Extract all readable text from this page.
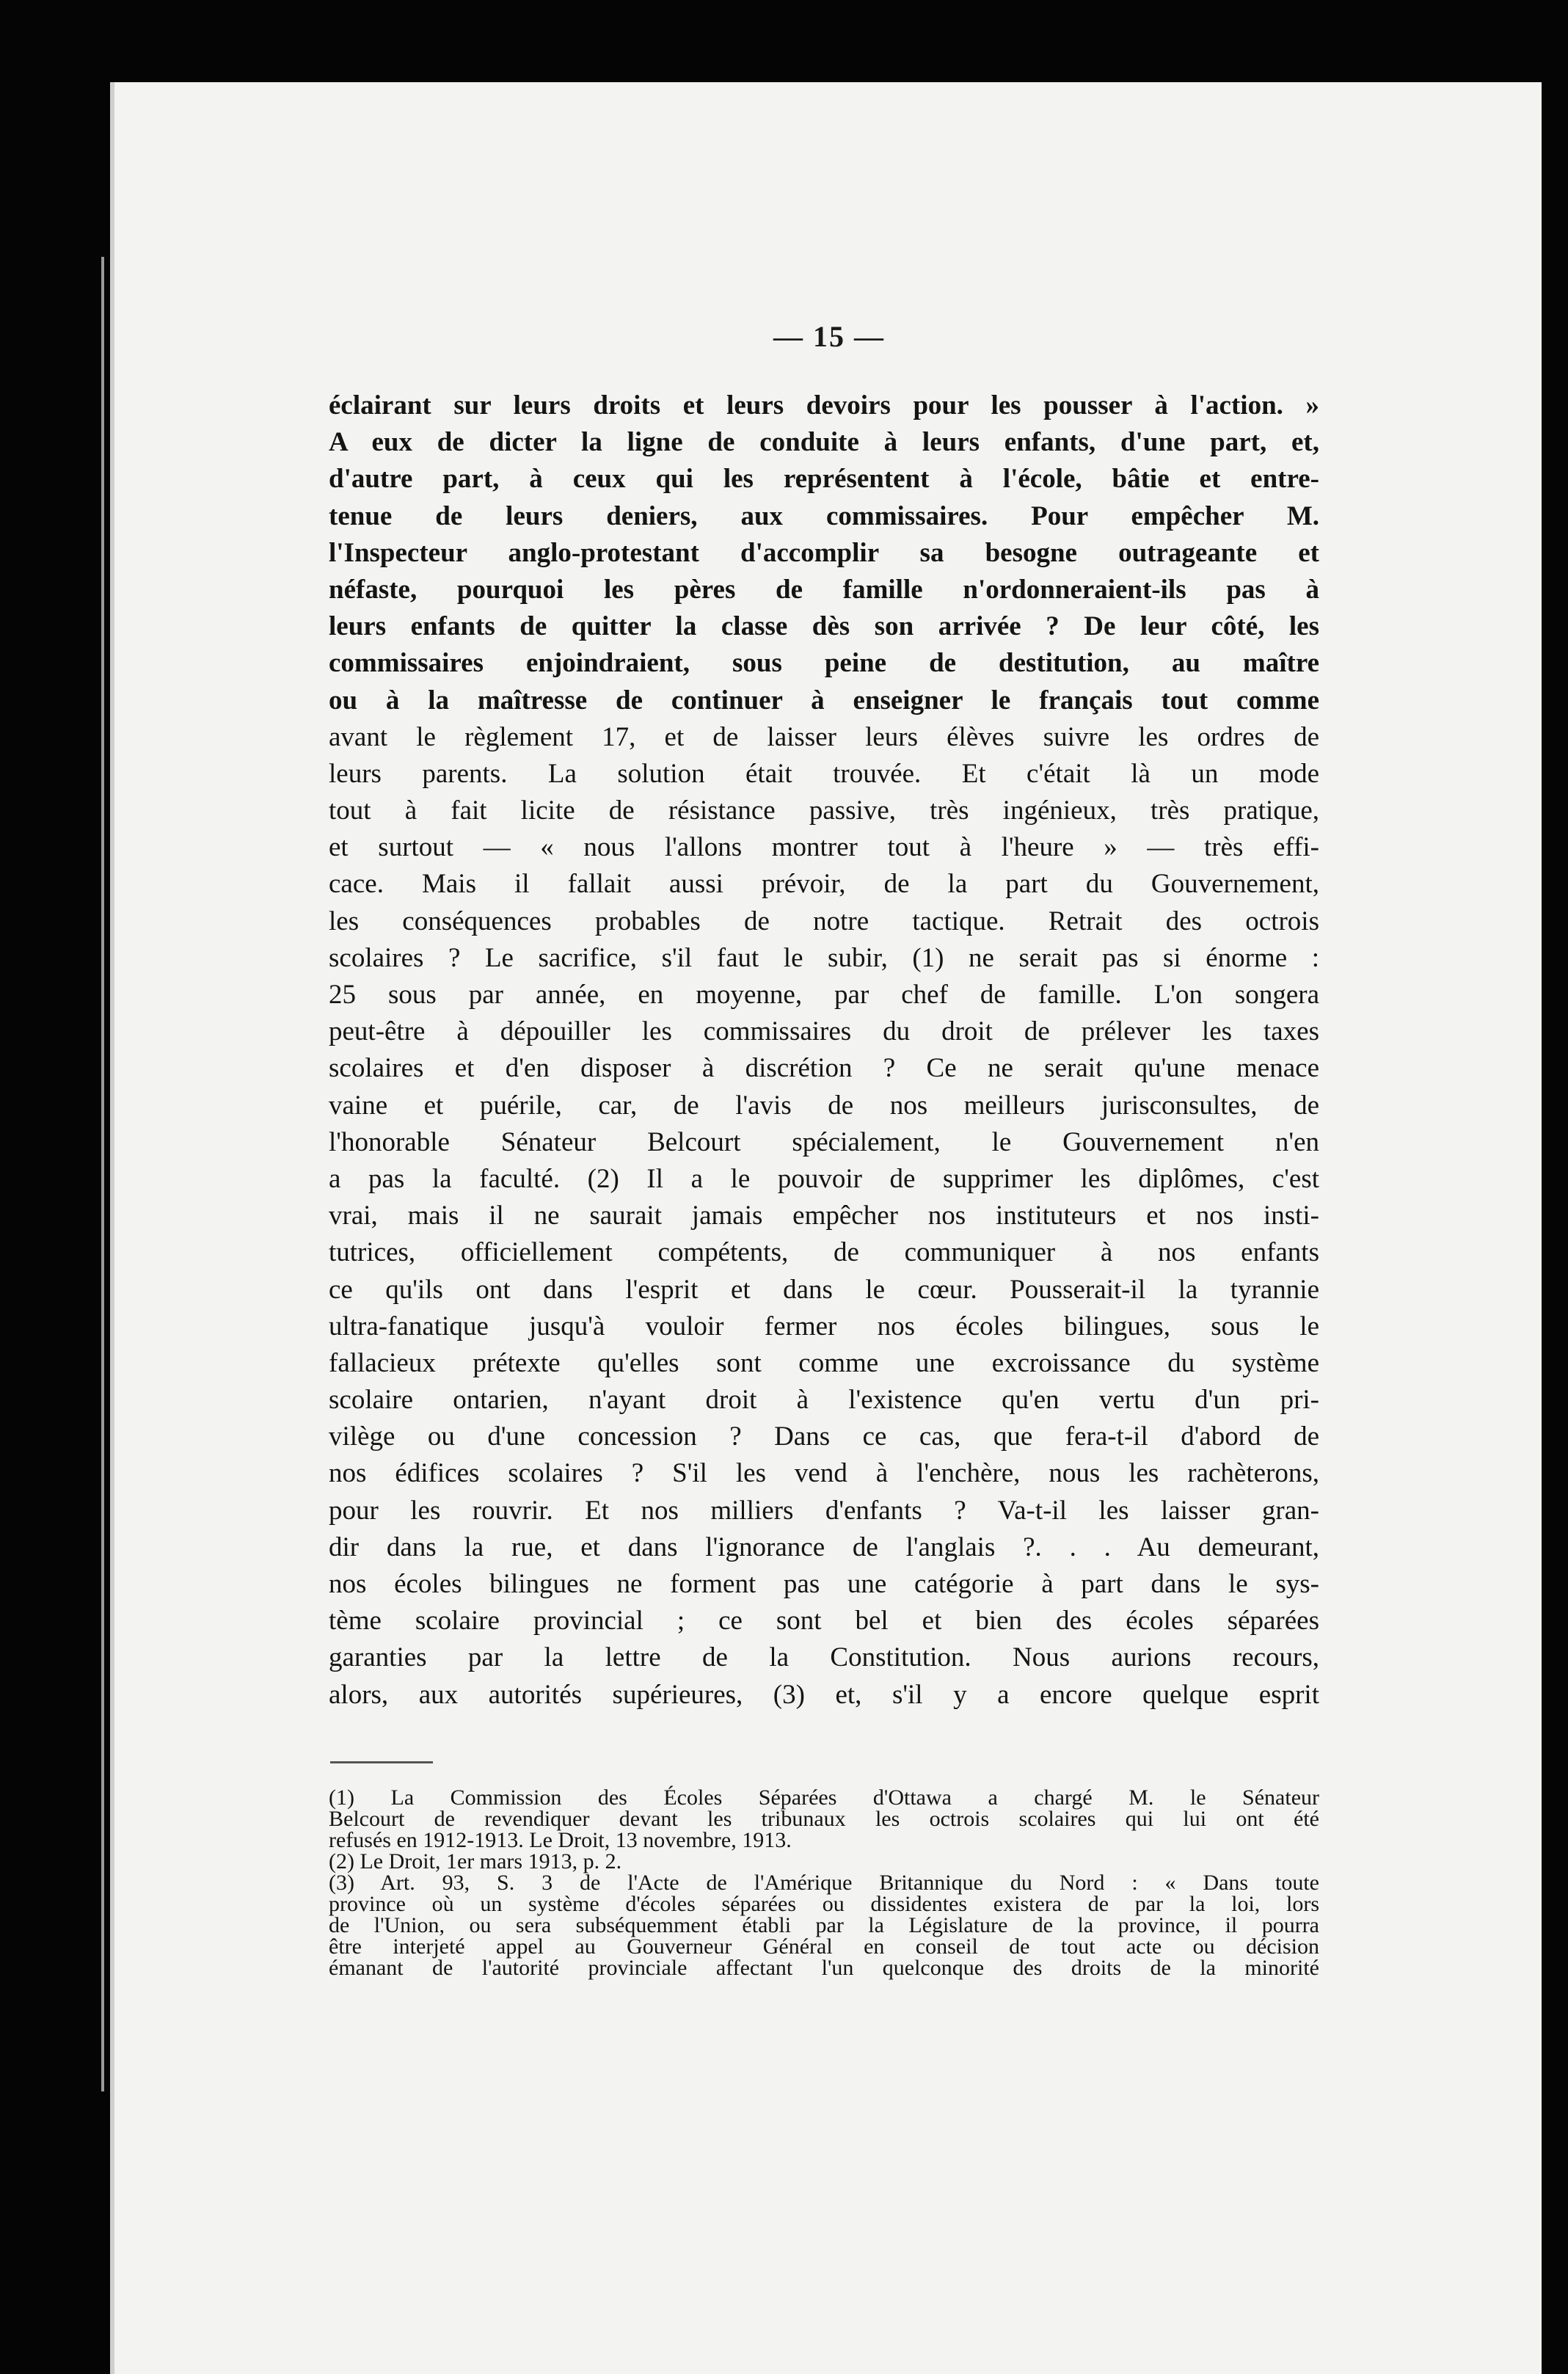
— 15 —
éclairant sur leurs droits et leurs devoirs pour les pousser à l'action. »
A eux de dicter la ligne de conduite à leurs enfants, d'une part, et,
d'autre part, à ceux qui les représentent à l'école, bâtie et entre-
tenue de leurs deniers, aux commissaires. Pour empêcher M.
l'Inspecteur anglo-protestant d'accomplir sa besogne outrageante et
néfaste, pourquoi les pères de famille n'ordonneraient-ils pas à
leurs enfants de quitter la classe dès son arrivée ? De leur côté, les
commissaires enjoindraient, sous peine de destitution, au maître
ou à la maîtresse de continuer à enseigner le français tout comme
avant le règlement 17, et de laisser leurs élèves suivre les ordres de
leurs parents. La solution était trouvée. Et c'était là un mode
tout à fait licite de résistance passive, très ingénieux, très pratique,
et surtout — « nous l'allons montrer tout à l'heure » — très effi-
cace. Mais il fallait aussi prévoir, de la part du Gouvernement,
les conséquences probables de notre tactique. Retrait des octrois
scolaires ? Le sacrifice, s'il faut le subir, (1) ne serait pas si énorme :
25 sous par année, en moyenne, par chef de famille. L'on songera
peut-être à dépouiller les commissaires du droit de prélever les taxes
scolaires et d'en disposer à discrétion ? Ce ne serait qu'une menace
vaine et puérile, car, de l'avis de nos meilleurs jurisconsultes, de
l'honorable Sénateur Belcourt spécialement, le Gouvernement n'en
a pas la faculté. (2) Il a le pouvoir de supprimer les diplômes, c'est
vrai, mais il ne saurait jamais empêcher nos instituteurs et nos insti-
tutrices, officiellement compétents, de communiquer à nos enfants
ce qu'ils ont dans l'esprit et dans le cœur. Pousserait-il la tyrannie
ultra-fanatique jusqu'à vouloir fermer nos écoles bilingues, sous le
fallacieux prétexte qu'elles sont comme une excroissance du système
scolaire ontarien, n'ayant droit à l'existence qu'en vertu d'un pri-
vilège ou d'une concession ? Dans ce cas, que fera-t-il d'abord de
nos édifices scolaires ? S'il les vend à l'enchère, nous les rachèterons,
pour les rouvrir. Et nos milliers d'enfants ? Va-t-il les laisser gran-
dir dans la rue, et dans l'ignorance de l'anglais ?. . . Au demeurant,
nos écoles bilingues ne forment pas une catégorie à part dans le sys-
tème scolaire provincial ; ce sont bel et bien des écoles séparées
garanties par la lettre de la Constitution. Nous aurions recours,
alors, aux autorités supérieures, (3) et, s'il y a encore quelque esprit
(1) La Commission des Écoles Séparées d'Ottawa a chargé M. le Sénateur
Belcourt de revendiquer devant les tribunaux les octrois scolaires qui lui ont été
refusés en 1912-1913. Le Droit, 13 novembre, 1913.
(2) Le Droit, 1er mars 1913, p. 2.
(3) Art. 93, S. 3 de l'Acte de l'Amérique Britannique du Nord : « Dans toute
province où un système d'écoles séparées ou dissidentes existera de par la loi, lors
de l'Union, ou sera subséquemment établi par la Législature de la province, il pourra
être interjeté appel au Gouverneur Général en conseil de tout acte ou décision
émanant de l'autorité provinciale affectant l'un quelconque des droits de la minorité
